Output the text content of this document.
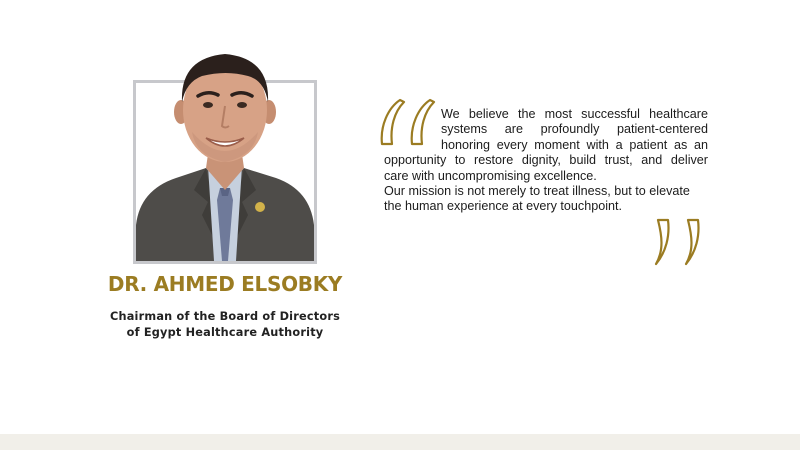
DR. AHMED ELSOBKY
Chairman of the Board of Directors
of Egypt Healthcare Authority
We believe the most successful healthcare
systems are profoundly patient-centered
honoring every moment with a patient as an
opportunity to restore dignity, build trust, and deliver
care with uncompromising excellence.
Our mission is not merely to treat illness, but to elevate
the human experience at every touchpoint.
